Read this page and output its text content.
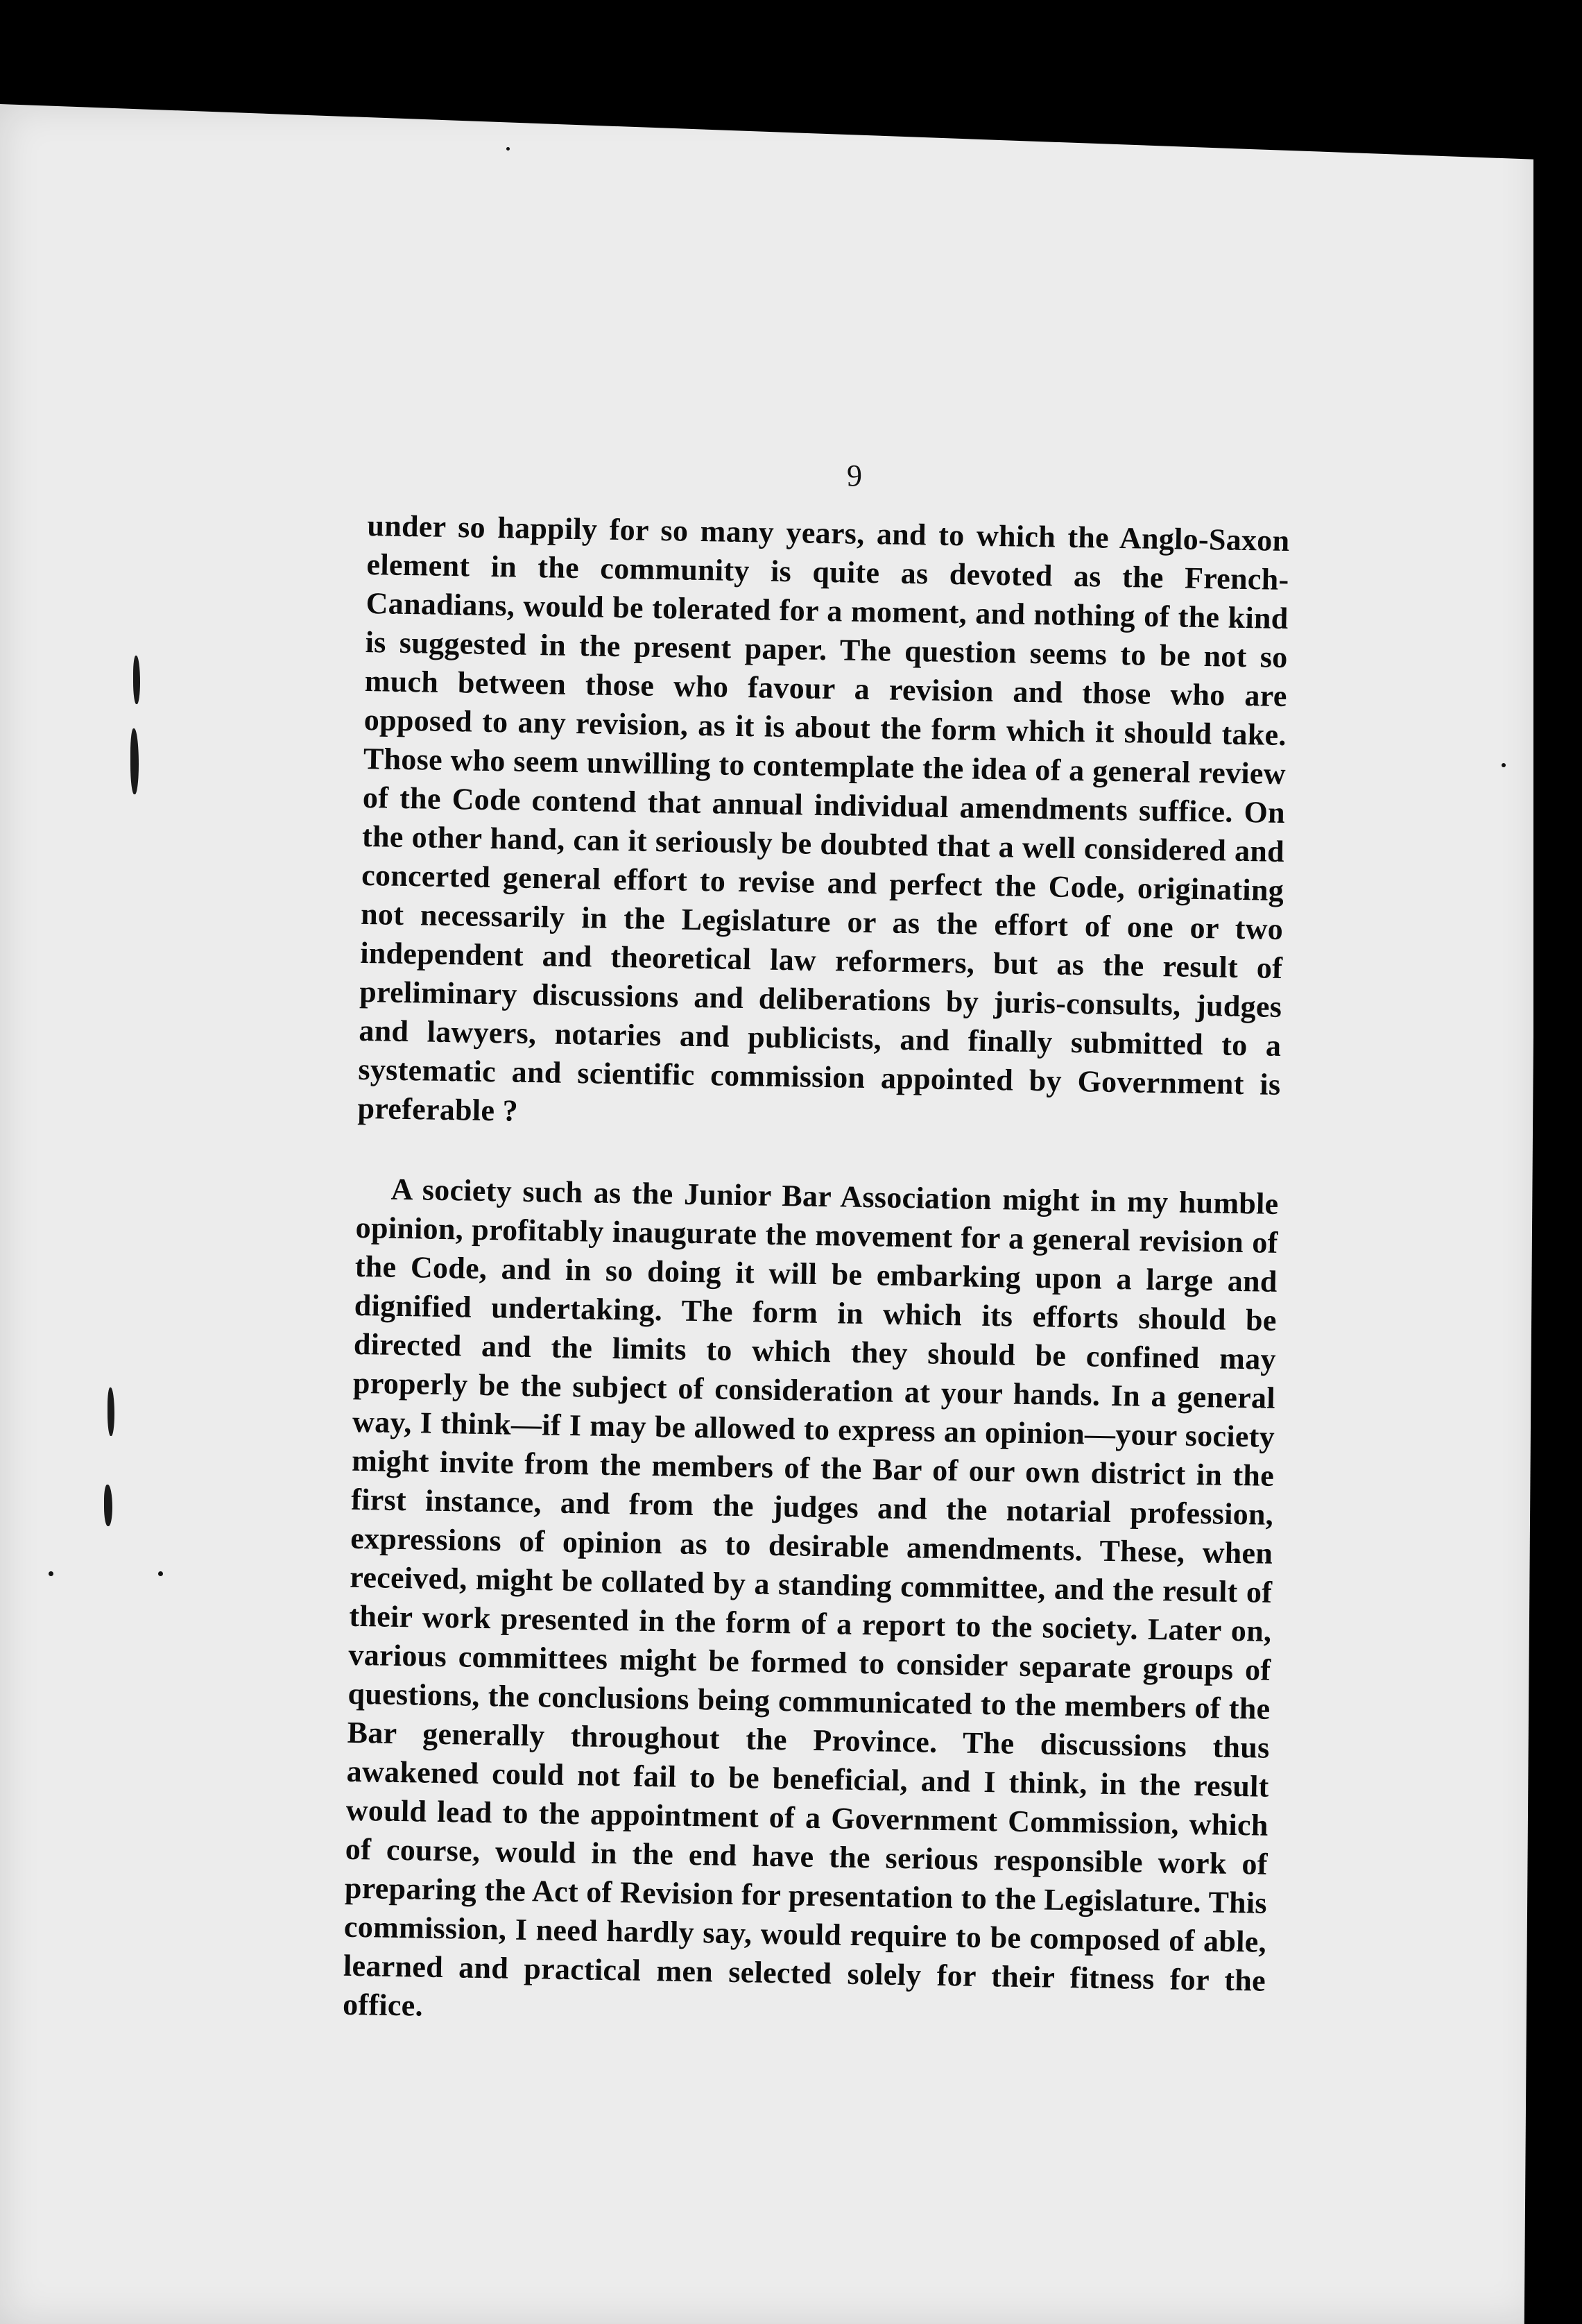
9

under so happily for so many years, and to which the Anglo-Saxon element in the community is quite as devoted as the French-Canadians, would be tolerated for a moment, and nothing of the kind is suggested in the present paper. The question seems to be not so much between those who favour a revision and those who are opposed to any revision, as it is about the form which it should take. Those who seem unwilling to contemplate the idea of a general review of the Code contend that annual individual amendments suffice. On the other hand, can it seriously be doubted that a well considered and concerted general effort to revise and perfect the Code, originating not necessarily in the Legislature or as the effort of one or two independent and theoretical law reformers, but as the result of preliminary discussions and deliberations by juris-consults, judges and lawyers, notaries and publicists, and finally submitted to a systematic and scientific commission appointed by Government is preferable ?

A society such as the Junior Bar Association might in my humble opinion, profitably inaugurate the movement for a general revision of the Code, and in so doing it will be embarking upon a large and dignified undertaking. The form in which its efforts should be directed and the limits to which they should be confined may properly be the subject of consideration at your hands. In a general way, I think—if I may be allowed to express an opinion—your society might invite from the members of the Bar of our own district in the first instance, and from the judges and the notarial profession, expressions of opinion as to desirable amendments. These, when received, might be collated by a standing committee, and the result of their work presented in the form of a report to the society. Later on, various committees might be formed to consider separate groups of questions, the conclusions being communicated to the members of the Bar generally throughout the Province. The discussions thus awakened could not fail to be beneficial, and I think, in the result would lead to the appointment of a Government Commission, which of course, would in the end have the serious responsible work of preparing the Act of Revision for presentation to the Legislature. This commission, I need hardly say, would require to be composed of able, learned and practical men selected solely for their fitness for the office.
